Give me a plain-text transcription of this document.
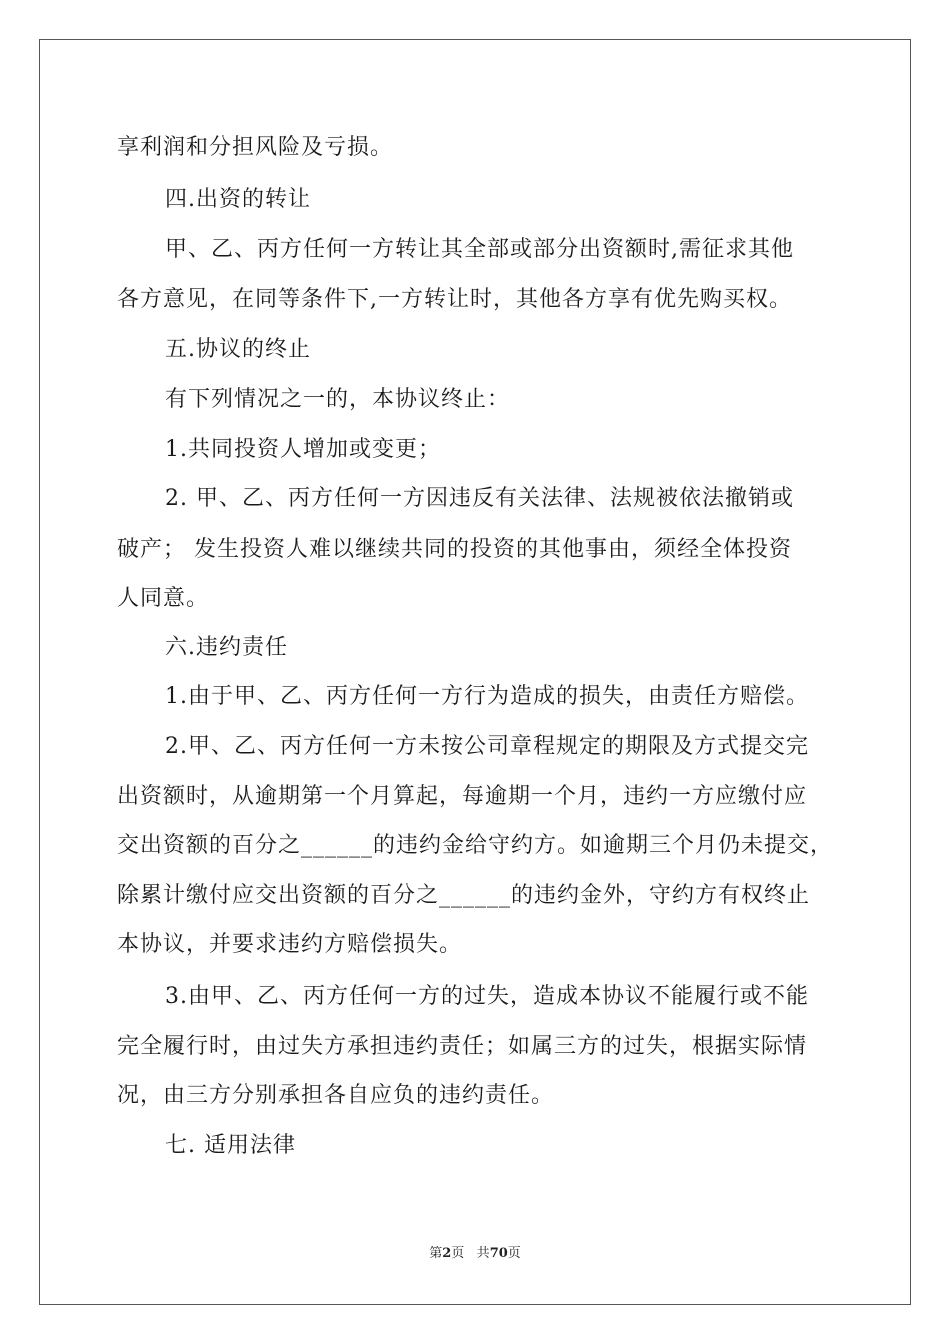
享利润和分担风险及亏损。
四.出资的转让
甲、乙、丙方任何一方转让其全部或部分出资额时,需征求其他
各方意见，在同等条件下,一方转让时，其他各方享有优先购买权。
五.协议的终止
有下列情况之一的，本协议终止：
1.共同投资人增加或变更；
2. 甲、乙、丙方任何一方因违反有关法律、法规被依法撤销或
破产； 发生投资人难以继续共同的投资的其他事由，须经全体投资
人同意。
六.违约责任
1.由于甲、乙、丙方任何一方行为造成的损失，由责任方赔偿。
2.甲、乙、丙方任何一方未按公司章程规定的期限及方式提交完
出资额时，从逾期第一个月算起，每逾期一个月，违约一方应缴付应
交出资额的百分之______的违约金给守约方。如逾期三个月仍未提交，
除累计缴付应交出资额的百分之______的违约金外，守约方有权终止
本协议，并要求违约方赔偿损失。
3.由甲、乙、丙方任何一方的过失，造成本协议不能履行或不能
完全履行时，由过失方承担违约责任；如属三方的过失，根据实际情
况，由三方分别承担各自应负的违约责任。
七. 适用法律
第2页 共70页
